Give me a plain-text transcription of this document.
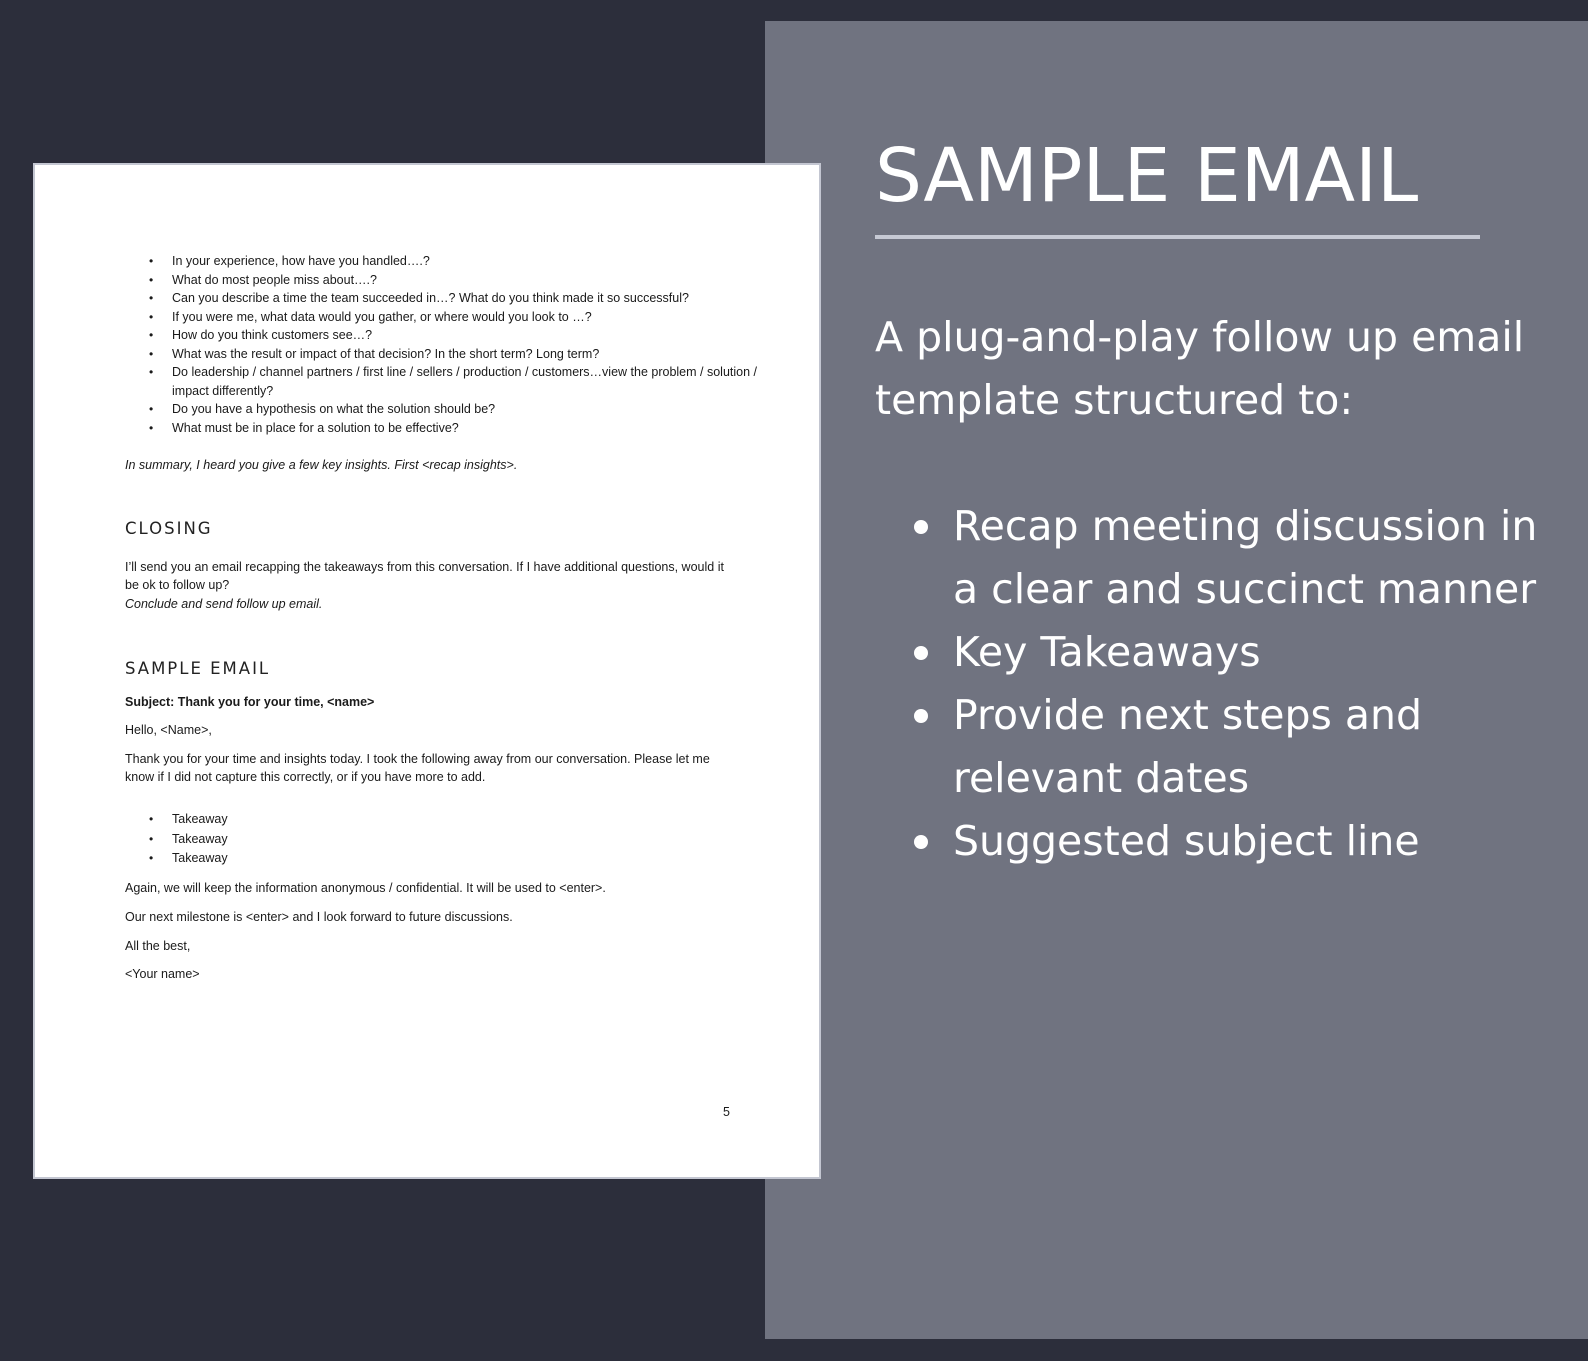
SAMPLE EMAIL

A plug-and-play follow up email template structured to:

Recap meeting discussion in a clear and succinct manner
Key Takeaways
Provide next steps and relevant dates
Suggested subject line
• In your experience, how have you handled….?
• What do most people miss about….?
• Can you describe a time the team succeeded in…? What do you think made it so successful?
• If you were me, what data would you gather, or where would you look to …?
• How do you think customers see…?
• What was the result or impact of that decision? In the short term? Long term?
• Do leadership / channel partners / first line / sellers / production / customers…view the problem / solution / impact differently?
• Do you have a hypothesis on what the solution should be?
• What must be in place for a solution to be effective?

In summary, I heard you give a few key insights. First <recap insights>.

CLOSING

I’ll send you an email recapping the takeaways from this conversation. If I have additional questions, would it be ok to follow up?

Conclude and send follow up email.

SAMPLE EMAIL

Subject: Thank you for your time, <name>

Hello, <Name>,

Thank you for your time and insights today. I took the following away from our conversation. Please let me know if I did not capture this correctly, or if you have more to add.

• Takeaway
• Takeaway
• Takeaway

Again, we will keep the information anonymous / confidential. It will be used to <enter>.

Our next milestone is <enter> and I look forward to future discussions.

All the best,

<Your name>

5
